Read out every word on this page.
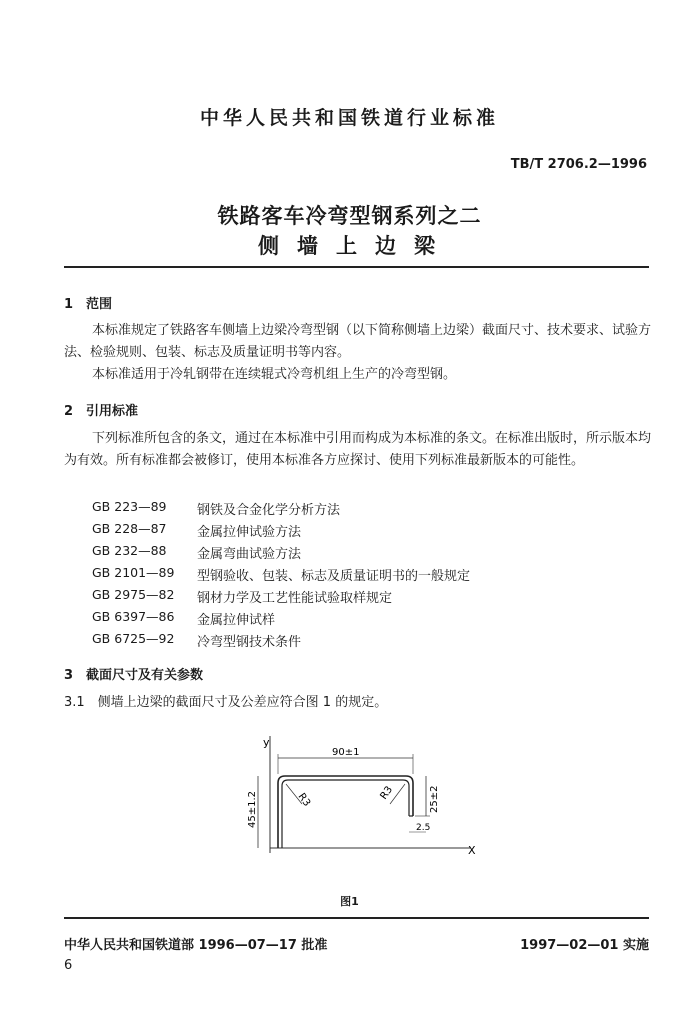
中华人民共和国铁道行业标准
TB/T 2706.2—1996
铁路客车冷弯型钢系列之二
侧墙上边梁
1　范围
本标准规定了铁路客车侧墙上边梁冷弯型钢（以下简称侧墙上边梁）截面尺寸、技术要求、试验方法、检验规则、包装、标志及质量证明书等内容。
本标准适用于冷轧钢带在连续辊式冷弯机组上生产的冷弯型钢。
2　引用标准
下列标准所包含的条文，通过在本标准中引用而构成为本标准的条文。在标准出版时，所示版本均为有效。所有标准都会被修订，使用本标准各方应探讨、使用下列标准最新版本的可能性。
GB 223—89 钢铁及合金化学分析方法
GB 228—87 金属拉伸试验方法
GB 232—88 金属弯曲试验方法
GB 2101—89 型钢验收、包装、标志及质量证明书的一般规定
GB 2975—82 钢材力学及工艺性能试验取样规定
GB 6397—86 金属拉伸试样
GB 6725—92 冷弯型钢技术条件
3　截面尺寸及有关参数
3.1　侧墙上边梁的截面尺寸及公差应符合图 1 的规定。
y
X
90±1
45±1.2	25±2
2.5
R3	R3
图1
中华人民共和国铁道部 1996—07—17 批准	1997—02—01 实施
6
